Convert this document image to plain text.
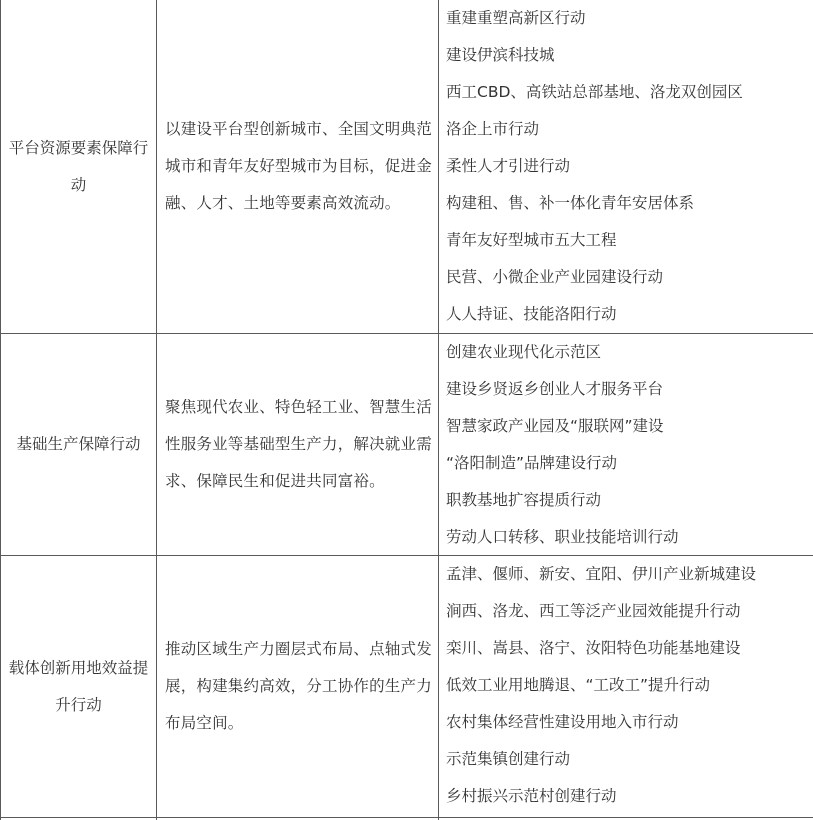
平台资源要素保障行动
以建设平台型创新城市、全国文明典范城市和青年友好型城市为目标，促进金融、人才、土地等要素高效流动。
重建重塑高新区行动
建设伊滨科技城
西工CBD、高铁站总部基地、洛龙双创园区
洛企上市行动
柔性人才引进行动
构建租、售、补一体化青年安居体系
青年友好型城市五大工程
民营、小微企业产业园建设行动
人人持证、技能洛阳行动
基础生产保障行动
聚焦现代农业、特色轻工业、智慧生活性服务业等基础型生产力，解决就业需求、保障民生和促进共同富裕。
创建农业现代化示范区
建设乡贤返乡创业人才服务平台
智慧家政产业园及“服联网”建设
“洛阳制造”品牌建设行动
职教基地扩容提质行动
劳动人口转移、职业技能培训行动
载体创新用地效益提升行动
推动区域生产力圈层式布局、点轴式发展，构建集约高效，分工协作的生产力布局空间。
孟津、偃师、新安、宜阳、伊川产业新城建设
涧西、洛龙、西工等泛产业园效能提升行动
栾川、嵩县、洛宁、汝阳特色功能基地建设
低效工业用地腾退、“工改工”提升行动
农村集体经营性建设用地入市行动
示范集镇创建行动
乡村振兴示范村创建行动
